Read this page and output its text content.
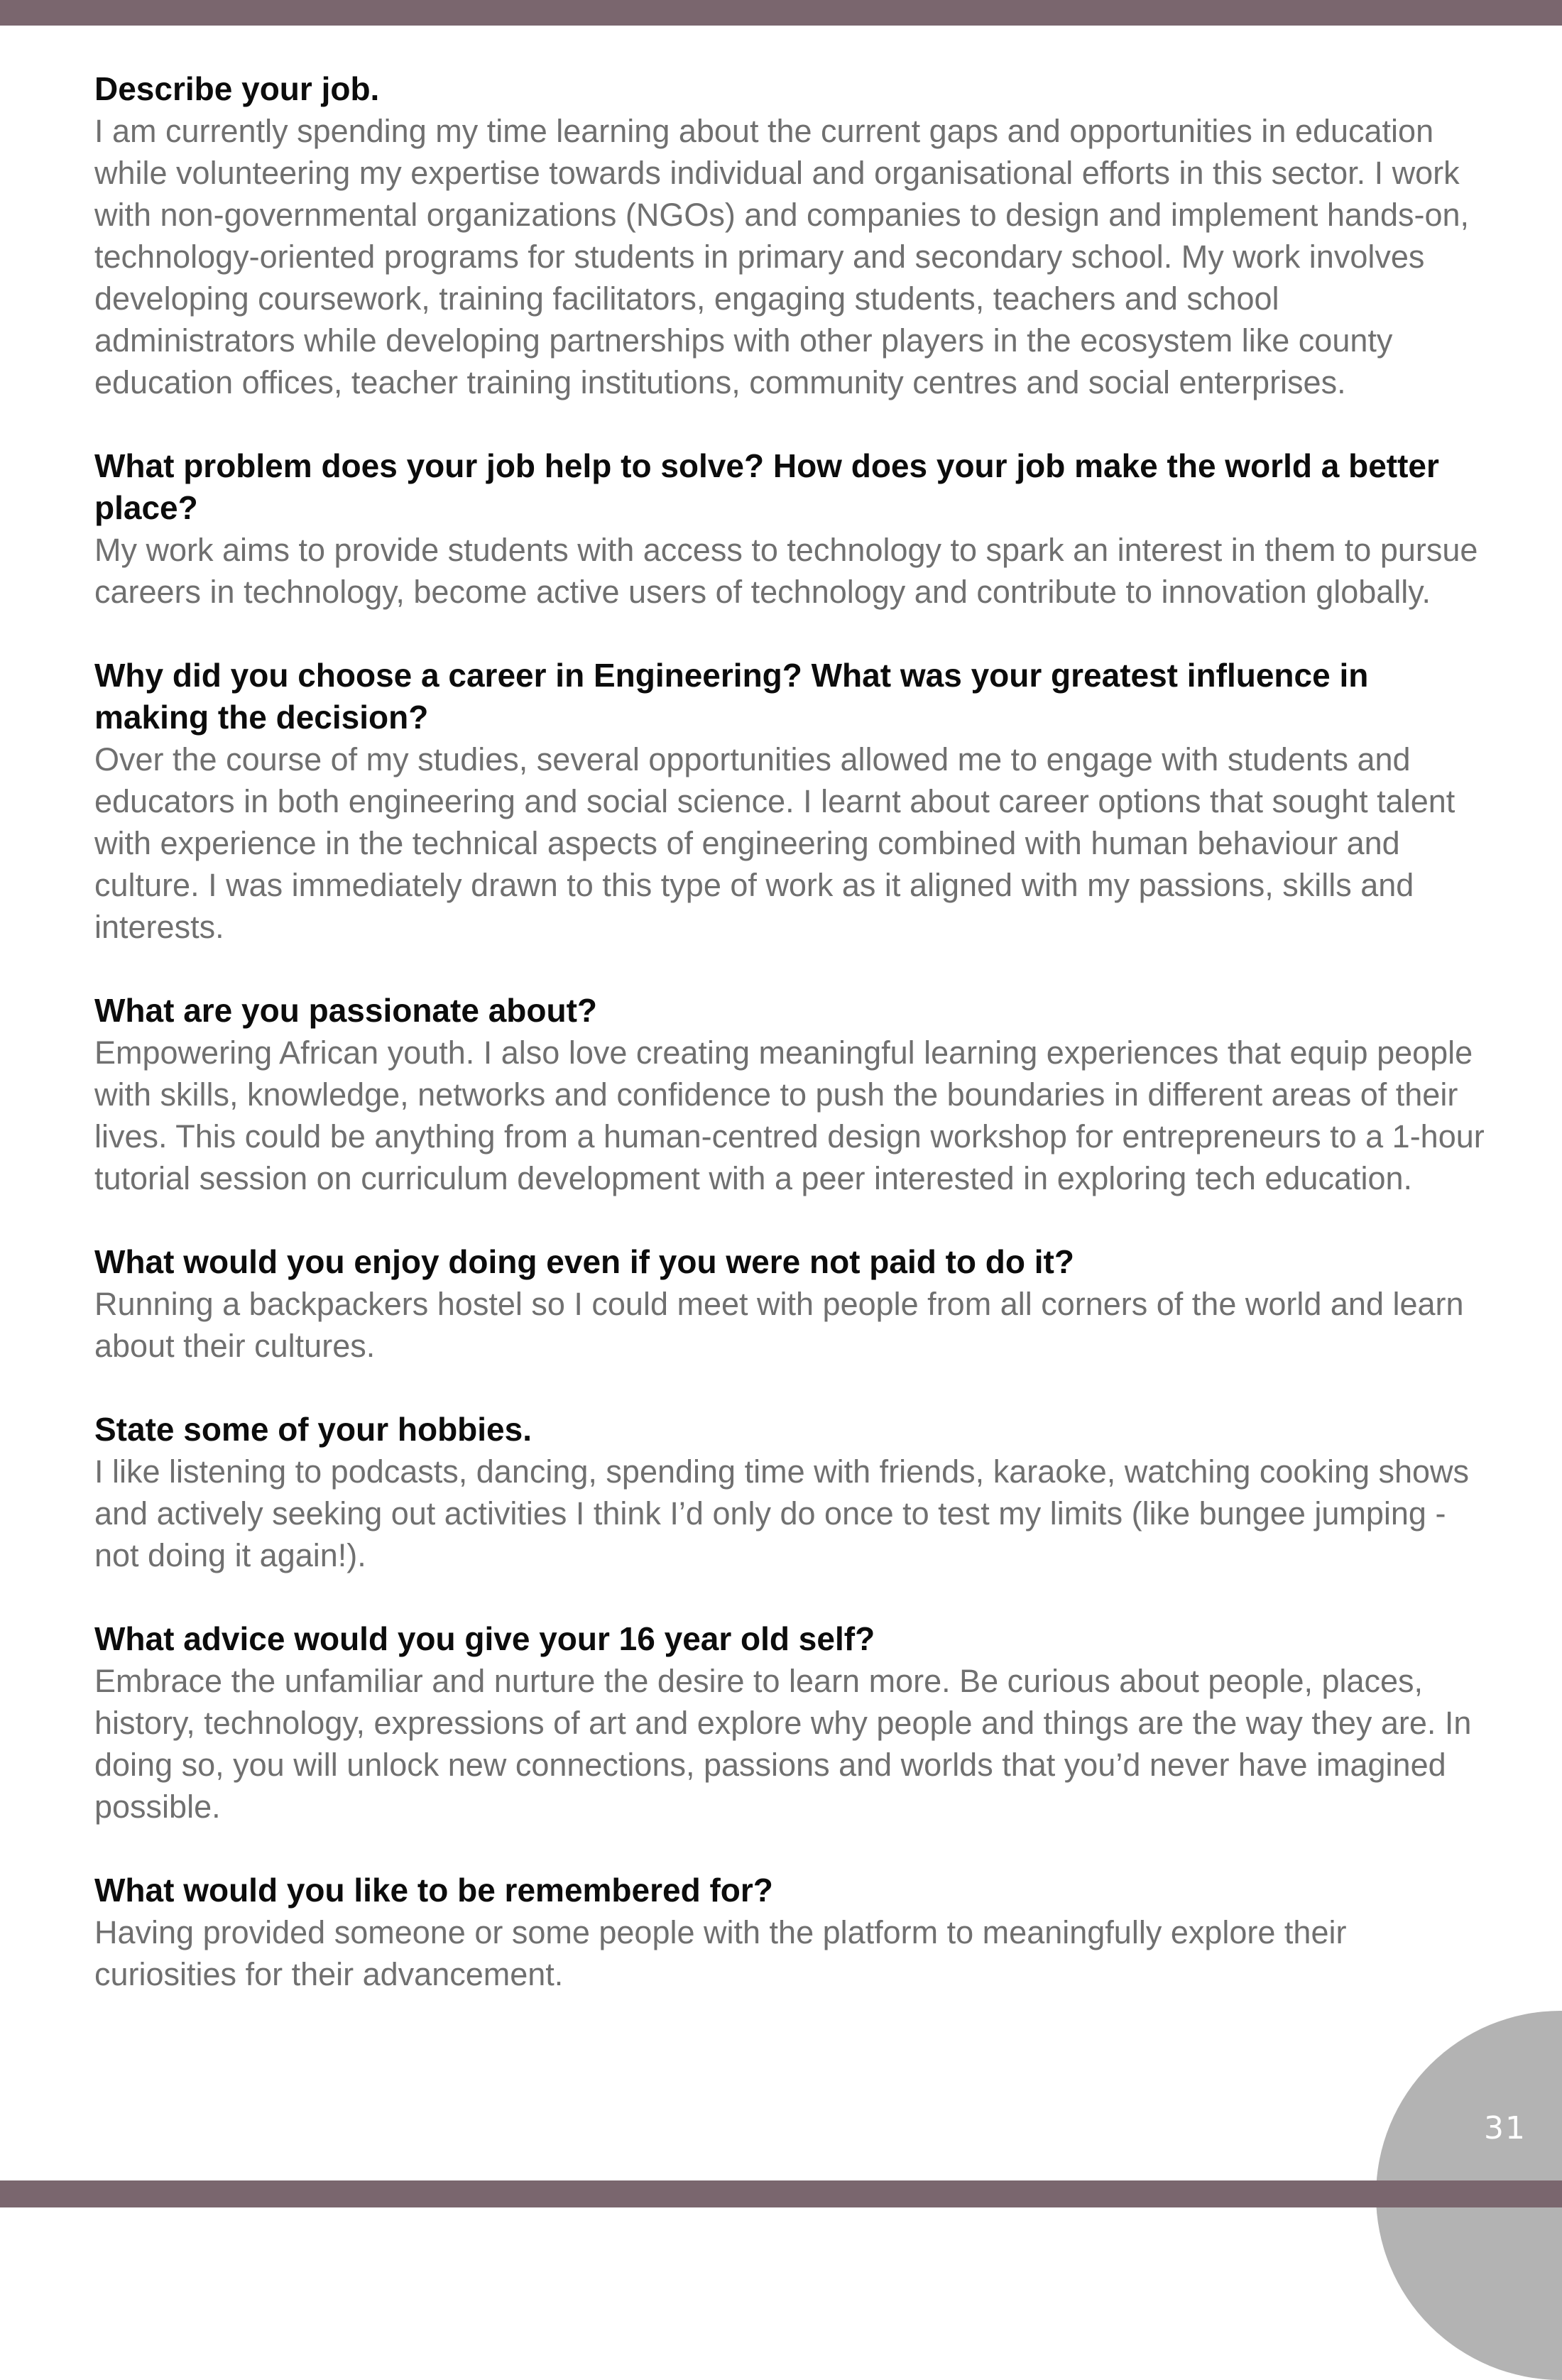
Describe your job.

I am currently spending my time learning about the current gaps and opportunities in education while volunteering my expertise towards individual and organisational efforts in this sector. I work with non-governmental organizations (NGOs) and companies to design and implement hands-on, technology-oriented programs for students in primary and secondary school. My work involves developing coursework, training facilitators, engaging students, teachers and school administrators while developing partnerships with other players in the ecosystem like county education offices, teacher training institutions, community centres and social enterprises.

What problem does your job help to solve? How does your job make the world a better place?

My work aims to provide students with access to technology to spark an interest in them to pursue careers in technology, become active users of technology and contribute to innovation globally.

Why did you choose a career in Engineering? What was your greatest influence in making the decision?

Over the course of my studies, several opportunities allowed me to engage with students and educators in both engineering and social science. I learnt about career options that sought talent with experience in the technical aspects of engineering combined with human behaviour and culture. I was immediately drawn to this type of work as it aligned with my passions, skills and interests.

What are you passionate about?

Empowering African youth. I also love creating meaningful learning experiences that equip people with skills, knowledge, networks and confidence to push the boundaries in different areas of their lives. This could be anything from a human-centred design workshop for entrepreneurs to a 1-hour tutorial session on curriculum development with a peer interested in exploring tech education.

What would you enjoy doing even if you were not paid to do it?

Running a backpackers hostel so I could meet with people from all corners of the world and learn about their cultures.

State some of your hobbies.

I like listening to podcasts, dancing, spending time with friends, karaoke, watching cooking shows and actively seeking out activities I think I’d only do once to test my limits (like bungee jumping - not doing it again!).

What advice would you give your 16 year old self?

Embrace the unfamiliar and nurture the desire to learn more. Be curious about people, places, history, technology, expressions of art and explore why people and things are the way they are. In doing so, you will unlock new connections, passions and worlds that you’d never have imagined possible.

What would you like to be remembered for?

Having provided someone or some people with the platform to meaningfully explore their curiosities for their advancement.

31
